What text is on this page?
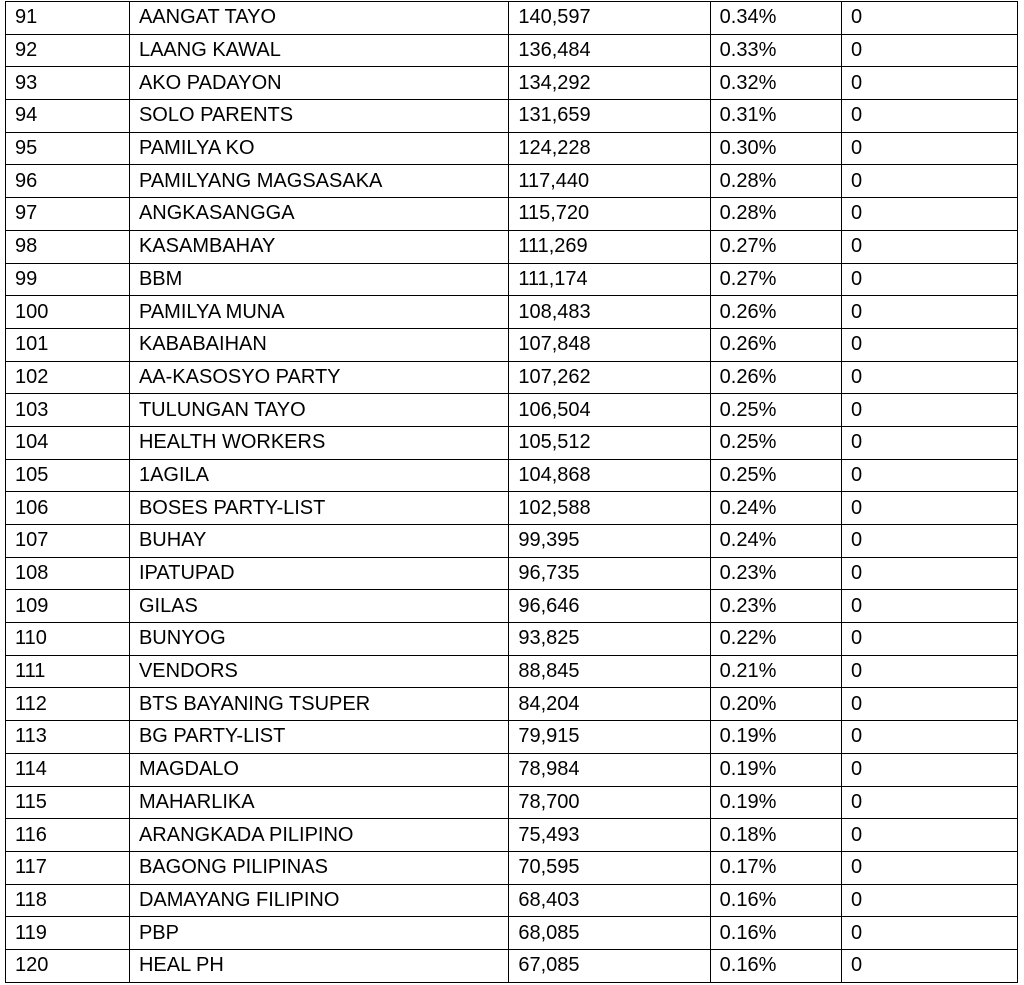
91	AANGAT TAYO	140,597	0.34%	0
92	LAANG KAWAL	136,484	0.33%	0
93	AKO PADAYON	134,292	0.32%	0
94	SOLO PARENTS	131,659	0.31%	0
95	PAMILYA KO	124,228	0.30%	0
96	PAMILYANG MAGSASAKA	117,440	0.28%	0
97	ANGKASANGGA	115,720	0.28%	0
98	KASAMBAHAY	111,269	0.27%	0
99	BBM	111,174	0.27%	0
100	PAMILYA MUNA	108,483	0.26%	0
101	KABABAIHAN	107,848	0.26%	0
102	AA-KASOSYO PARTY	107,262	0.26%	0
103	TULUNGAN TAYO	106,504	0.25%	0
104	HEALTH WORKERS	105,512	0.25%	0
105	1AGILA	104,868	0.25%	0
106	BOSES PARTY-LIST	102,588	0.24%	0
107	BUHAY	99,395	0.24%	0
108	IPATUPAD	96,735	0.23%	0
109	GILAS	96,646	0.23%	0
110	BUNYOG	93,825	0.22%	0
111	VENDORS	88,845	0.21%	0
112	BTS BAYANING TSUPER	84,204	0.20%	0
113	BG PARTY-LIST	79,915	0.19%	0
114	MAGDALO	78,984	0.19%	0
115	MAHARLIKA	78,700	0.19%	0
116	ARANGKADA PILIPINO	75,493	0.18%	0
117	BAGONG PILIPINAS	70,595	0.17%	0
118	DAMAYANG FILIPINO	68,403	0.16%	0
119	PBP	68,085	0.16%	0
120	HEAL PH	67,085	0.16%	0
